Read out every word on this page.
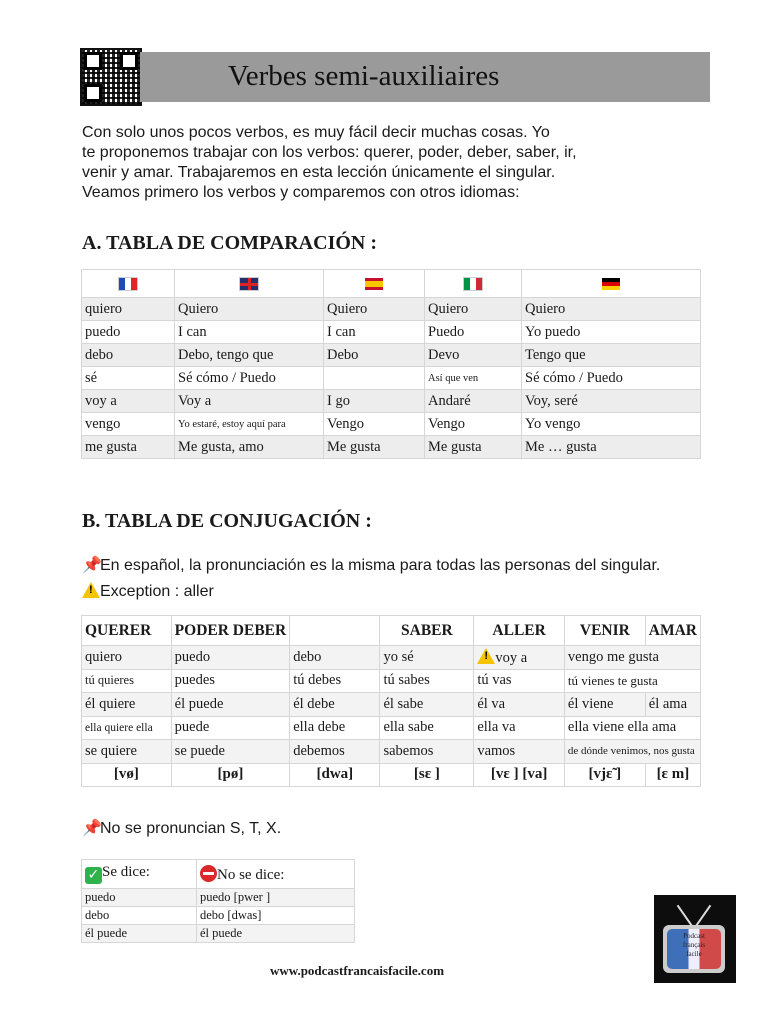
Verbes semi-auxiliaires
Con solo unos pocos verbos, es muy fácil decir muchas cosas. Yo
te proponemos trabajar con los verbos: querer, poder, deber, saber, ir,
venir y amar. Trabajaremos en esta lección únicamente el singular.
Veamos primero los verbos y comparemos con otros idiomas:
A. TABLA DE COMPARACIÓN :

quiero	Quiero	Quiero	Quiero	Quiero
puedo	I can	I can	Puedo	Yo puedo
debo	Debo, tengo que	Debo	Devo	Tengo que
sé	Sé cómo / Puedo		Así que ven	Sé cómo / Puedo
voy a	Voy a	I go	Andaré	Voy, seré
vengo	Yo estaré, estoy aquí para	Vengo	Vengo	Yo vengo
me gusta	Me gusta, amo	Me gusta	Me gusta	Me … gusta
B. TABLA DE CONJUGACIÓN :
📌En español, la pronunciación es la misma para todas las personas del singular.
!Exception : aller
QUERER	PODER DEBER		SABER	ALLER	VENIR	AMAR
quiero	puedo	debo	yo sé	!voy a	vengo me gusta	
tú quieres	puedes	tú debes	tú sabes	tú vas	tú vienes te gusta	
él quiere	él puede	él debe	él sabe	él va	él viene	él ama
ella quiere ella	puede	ella debe	ella sabe	ella va	ella viene ella ama	
se quiere	se puede	debemos	sabemos	vamos	de dónde venimos, nos gusta	
[vø]	[pø]	[dwa]	[sɛ ]	[vɛ ] [va]	[vjɛ̃ ]	[ɛ m]
📌No se pronuncian S, T, X.
✓ Se dice:	No se dice:
puedo	puedo [pwer ]
debo	debo [dwas]
él puede	él puede
www.podcastfrancaisfacile.com
Podcast
français
facile
